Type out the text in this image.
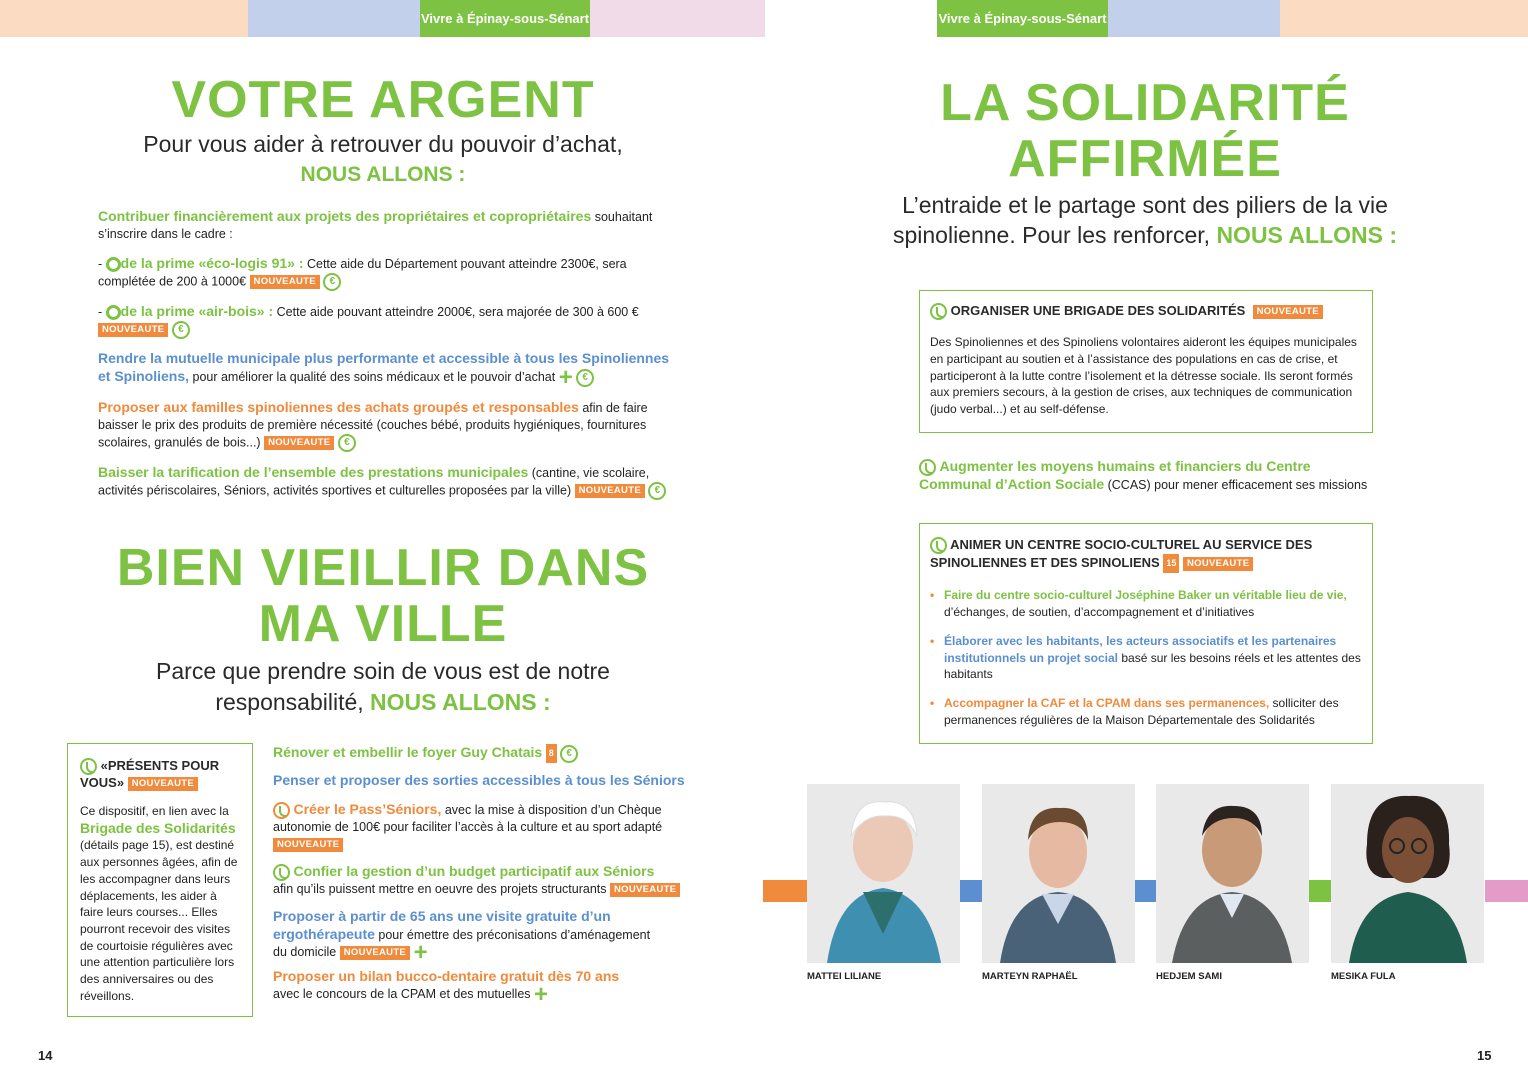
Vivre à Épinay-sous-Sénart	Vivre à Épinay-sous-Sénart
VOTRE ARGENT
Pour vous aider à retrouver du pouvoir d’achat,
NOUS ALLONS :
Contribuer financièrement aux projets des propriétaires et copropriétaires souhaitant s’inscrire dans le cadre :
- de la prime «éco-logis 91» : Cette aide du Département pouvant atteindre 2300€, sera complétée de 200 à 1000€ NOUVEAUTE €
- de la prime «air-bois» : Cette aide pouvant atteindre 2000€, sera majorée de 300 à 600 €
NOUVEAUTE €
Rendre la mutuelle municipale plus performante et accessible à tous les Spinoliennes et Spinoliens, pour améliorer la qualité des soins médicaux et le pouvoir d’achat + €
Proposer aux familles spinoliennes des achats groupés et responsables afin de faire baisser le prix des produits de première nécessité (couches bébé, produits hygiéniques, fournitures scolaires, granulés de bois...) NOUVEAUTE €
Baisser la tarification de l’ensemble des prestations municipales (cantine, vie scolaire, activités périscolaires, Séniors, activités sportives et culturelles proposées par la ville) NOUVEAUTE €
BIEN VIEILLIR DANS
MA VILLE
Parce que prendre soin de vous est de notre
responsabilité, NOUS ALLONS :
«PRÉSENTS POUR VOUS» NOUVEAUTE
Ce dispositif, en lien avec la Brigade des Solidarités (détails page 15), est destiné aux personnes âgées, afin de les accompagner dans leurs déplacements, les aider à faire leurs courses... Elles pourront recevoir des visites de courtoisie régulières avec une attention particulière lors des anniversaires ou des réveillons.
Rénover et embellir le foyer Guy Chatais 8 €
Penser et proposer des sorties accessibles à tous les Séniors
Créer le Pass’Séniors, avec la mise à disposition d’un Chèque autonomie de 100€ pour faciliter l’accès à la culture et au sport adapté
NOUVEAUTE
Confier la gestion d’un budget participatif aux Séniors
afin qu’ils puissent mettre en oeuvre des projets structurants NOUVEAUTE
Proposer à partir de 65 ans une visite gratuite d’un ergothérapeute pour émettre des préconisations d’aménagement du domicile NOUVEAUTE +
Proposer un bilan bucco-dentaire gratuit dès 70 ans
avec le concours de la CPAM et des mutuelles +
14
LA SOLIDARITÉ
AFFIRMÉE
L’entraide et le partage sont des piliers de la vie
spinolienne. Pour les renforcer, NOUS ALLONS :
ORGANISER UNE BRIGADE DES SOLIDARITÉS NOUVEAUTE
Des Spinoliennes et des Spinoliens volontaires aideront les équipes municipales en participant au soutien et à l’assistance des populations en cas de crise, et participeront à la lutte contre l’isolement et la détresse sociale. Ils seront formés aux premiers secours, à la gestion de crises, aux techniques de communication (judo verbal...) et au self-défense.
Augmenter les moyens humains et financiers du Centre Communal d’Action Sociale (CCAS) pour mener efficacement ses missions
ANIMER UN CENTRE SOCIO-CULTUREL AU SERVICE DES SPINOLIENNES ET DES SPINOLIENS 15 NOUVEAUTE
• Faire du centre socio-culturel Joséphine Baker un véritable lieu de vie, d’échanges, de soutien, d’accompagnement et d’initiatives
• Élaborer avec les habitants, les acteurs associatifs et les partenaires institutionnels un projet social basé sur les besoins réels et les attentes des habitants
• Accompagner la CAF et la CPAM dans ses permanences, solliciter des permanences régulières de la Maison Départementale des Solidarités
MATTEI LILIANE	MARTEYN RAPHAËL	HEDJEM SAMI	MESIKA FULA
15
